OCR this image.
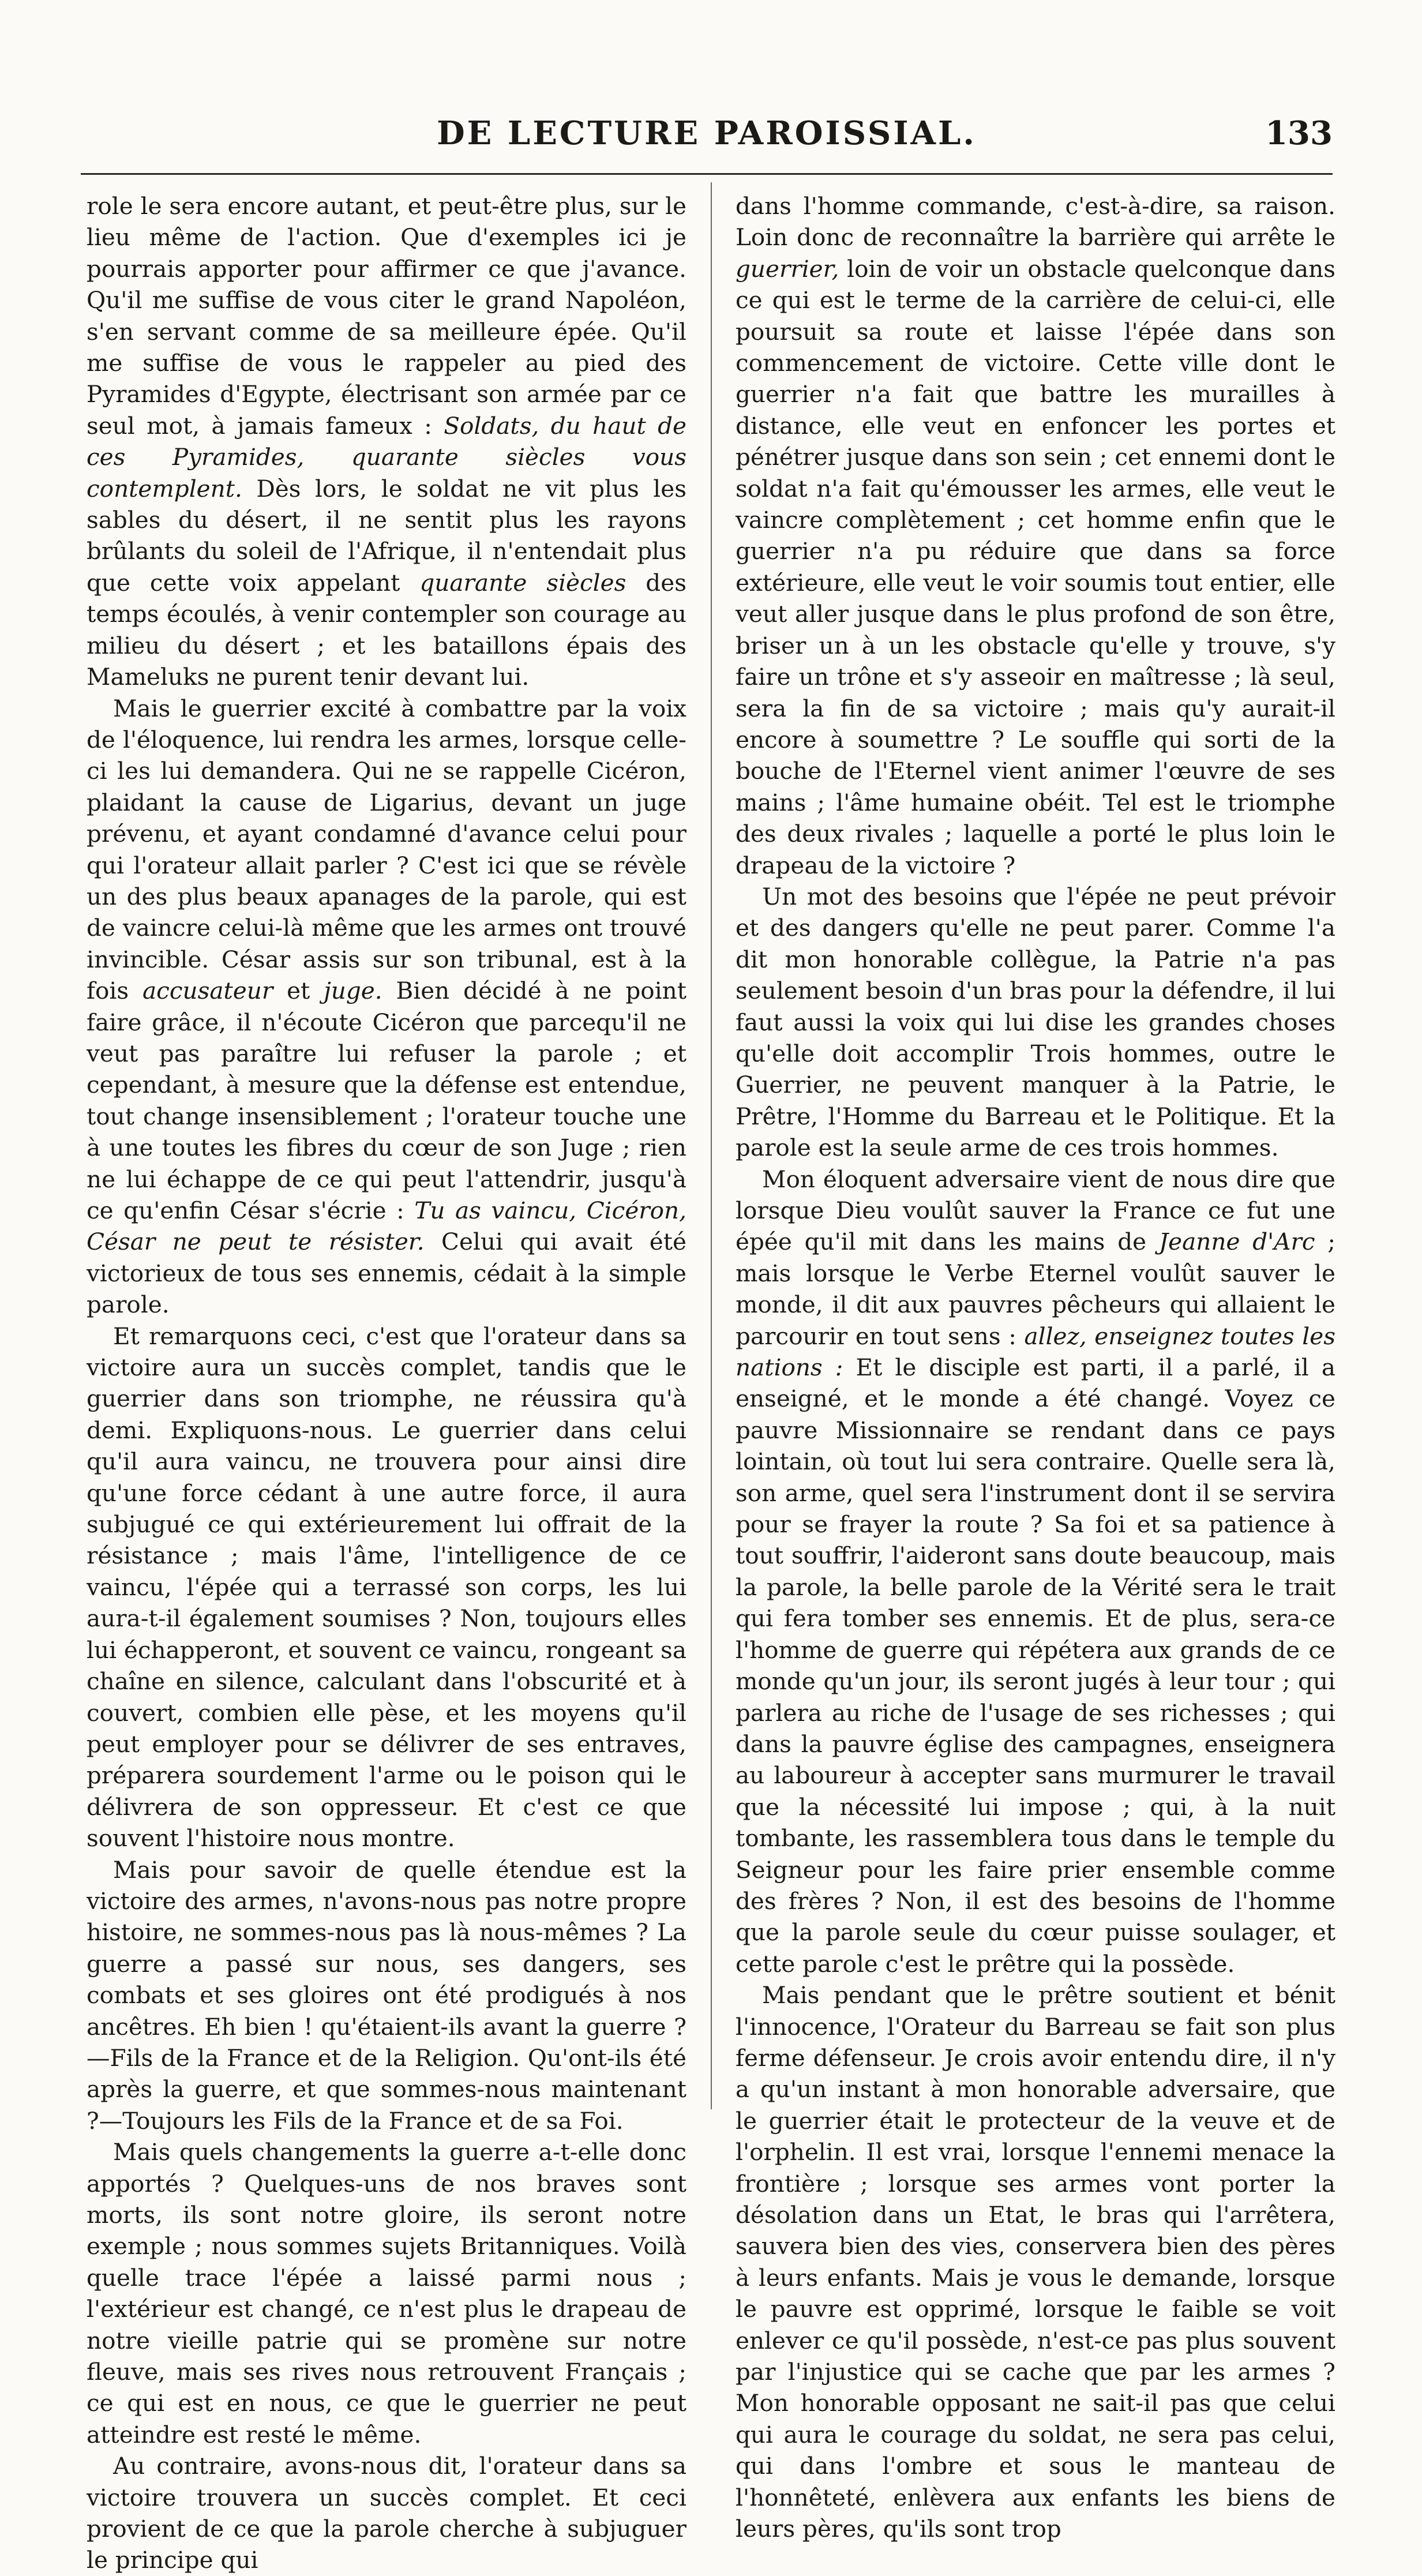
DE LECTURE PAROISSIAL.	133

role le sera encore autant, et peut-être plus, sur le lieu même de l'action. Que d'exemples ici je pourrais apporter pour affirmer ce que j'avance. Qu'il me suffise de vous citer le grand Napoléon, s'en servant comme de sa meilleure épée. Qu'il me suffise de vous le rappeler au pied des Pyramides d'Egypte, électrisant son armée par ce seul mot, à jamais fameux : Soldats, du haut de ces Pyramides, quarante siècles vous contemplent. Dès lors, le soldat ne vit plus les sables du désert, il ne sentit plus les rayons brûlants du soleil de l'Afrique, il n'entendait plus que cette voix appelant quarante siècles des temps écoulés, à venir contempler son courage au milieu du désert ; et les bataillons épais des Mameluks ne purent tenir devant lui.

Mais le guerrier excité à combattre par la voix de l'éloquence, lui rendra les armes, lorsque celle-ci les lui demandera. Qui ne se rappelle Cicéron, plaidant la cause de Ligarius, devant un juge prévenu, et ayant condamné d'avance celui pour qui l'orateur allait parler ? C'est ici que se révèle un des plus beaux apanages de la parole, qui est de vaincre celui-là même que les armes ont trouvé invincible. César assis sur son tribunal, est à la fois accusateur et juge. Bien décidé à ne point faire grâce, il n'écoute Cicéron que parcequ'il ne veut pas paraître lui refuser la parole ; et cependant, à mesure que la défense est entendue, tout change insensiblement ; l'orateur touche une à une toutes les fibres du cœur de son Juge ; rien ne lui échappe de ce qui peut l'attendrir, jusqu'à ce qu'enfin César s'écrie : Tu as vaincu, Cicéron, César ne peut te résister. Celui qui avait été victorieux de tous ses ennemis, cédait à la simple parole.

Et remarquons ceci, c'est que l'orateur dans sa victoire aura un succès complet, tandis que le guerrier dans son triomphe, ne réussira qu'à demi. Expliquons-nous. Le guerrier dans celui qu'il aura vaincu, ne trouvera pour ainsi dire qu'une force cédant à une autre force, il aura subjugué ce qui extérieurement lui offrait de la résistance ; mais l'âme, l'intelligence de ce vaincu, l'épée qui a terrassé son corps, les lui aura-t-il également soumises ? Non, toujours elles lui échapperont, et souvent ce vaincu, rongeant sa chaîne en silence, calculant dans l'obscurité et à couvert, combien elle pèse, et les moyens qu'il peut employer pour se délivrer de ses entraves, préparera sourdement l'arme ou le poison qui le délivrera de son oppresseur. Et c'est ce que souvent l'histoire nous montre.

Mais pour savoir de quelle étendue est la victoire des armes, n'avons-nous pas notre propre histoire, ne sommes-nous pas là nous-mêmes ? La guerre a passé sur nous, ses dangers, ses combats et ses gloires ont été prodigués à nos ancêtres. Eh bien ! qu'étaient-ils avant la guerre ?—Fils de la France et de la Religion. Qu'ont-ils été après la guerre, et que sommes-nous maintenant ?—Toujours les Fils de la France et de sa Foi.

Mais quels changements la guerre a-t-elle donc apportés ? Quelques-uns de nos braves sont morts, ils sont notre gloire, ils seront notre exemple ; nous sommes sujets Britanniques. Voilà quelle trace l'épée a laissé parmi nous ; l'extérieur est changé, ce n'est plus le drapeau de notre vieille patrie qui se promène sur notre fleuve, mais ses rives nous retrouvent Français ; ce qui est en nous, ce que le guerrier ne peut atteindre est resté le même.

Au contraire, avons-nous dit, l'orateur dans sa victoire trouvera un succès complet. Et ceci provient de ce que la parole cherche à subjuguer le principe qui

dans l'homme commande, c'est-à-dire, sa raison. Loin donc de reconnaître la barrière qui arrête le guerrier, loin de voir un obstacle quelconque dans ce qui est le terme de la carrière de celui-ci, elle poursuit sa route et laisse l'épée dans son commencement de victoire. Cette ville dont le guerrier n'a fait que battre les murailles à distance, elle veut en enfoncer les portes et pénétrer jusque dans son sein ; cet ennemi dont le soldat n'a fait qu'émousser les armes, elle veut le vaincre complètement ; cet homme enfin que le guerrier n'a pu réduire que dans sa force extérieure, elle veut le voir soumis tout entier, elle veut aller jusque dans le plus profond de son être, briser un à un les obstacle qu'elle y trouve, s'y faire un trône et s'y asseoir en maîtresse ; là seul, sera la fin de sa victoire ; mais qu'y aurait-il encore à soumettre ? Le souffle qui sorti de la bouche de l'Eternel vient animer l'œuvre de ses mains ; l'âme humaine obéit. Tel est le triomphe des deux rivales ; laquelle a porté le plus loin le drapeau de la victoire ?

Un mot des besoins que l'épée ne peut prévoir et des dangers qu'elle ne peut parer. Comme l'a dit mon honorable collègue, la Patrie n'a pas seulement besoin d'un bras pour la défendre, il lui faut aussi la voix qui lui dise les grandes choses qu'elle doit accomplir Trois hommes, outre le Guerrier, ne peuvent manquer à la Patrie, le Prêtre, l'Homme du Barreau et le Politique. Et la parole est la seule arme de ces trois hommes.

Mon éloquent adversaire vient de nous dire que lorsque Dieu voulût sauver la France ce fut une épée qu'il mit dans les mains de Jeanne d'Arc ; mais lorsque le Verbe Eternel voulût sauver le monde, il dit aux pauvres pêcheurs qui allaient le parcourir en tout sens : allez, enseignez toutes les nations : Et le disciple est parti, il a parlé, il a enseigné, et le monde a été changé. Voyez ce pauvre Missionnaire se rendant dans ce pays lointain, où tout lui sera contraire. Quelle sera là, son arme, quel sera l'instrument dont il se servira pour se frayer la route ? Sa foi et sa patience à tout souffrir, l'aideront sans doute beaucoup, mais la parole, la belle parole de la Vérité sera le trait qui fera tomber ses ennemis. Et de plus, sera-ce l'homme de guerre qui répétera aux grands de ce monde qu'un jour, ils seront jugés à leur tour ; qui parlera au riche de l'usage de ses richesses ; qui dans la pauvre église des campagnes, enseignera au laboureur à accepter sans murmurer le travail que la nécessité lui impose ; qui, à la nuit tombante, les rassemblera tous dans le temple du Seigneur pour les faire prier ensemble comme des frères ? Non, il est des besoins de l'homme que la parole seule du cœur puisse soulager, et cette parole c'est le prêtre qui la possède.

Mais pendant que le prêtre soutient et bénit l'innocence, l'Orateur du Barreau se fait son plus ferme défenseur. Je crois avoir entendu dire, il n'y a qu'un instant à mon honorable adversaire, que le guerrier était le protecteur de la veuve et de l'orphelin. Il est vrai, lorsque l'ennemi menace la frontière ; lorsque ses armes vont porter la désolation dans un Etat, le bras qui l'arrêtera, sauvera bien des vies, conservera bien des pères à leurs enfants. Mais je vous le demande, lorsque le pauvre est opprimé, lorsque le faible se voit enlever ce qu'il possède, n'est-ce pas plus souvent par l'injustice qui se cache que par les armes ? Mon honorable opposant ne sait-il pas que celui qui aura le courage du soldat, ne sera pas celui, qui dans l'ombre et sous le manteau de l'honnêteté, enlèvera aux enfants les biens de leurs pères, qu'ils sont trop
